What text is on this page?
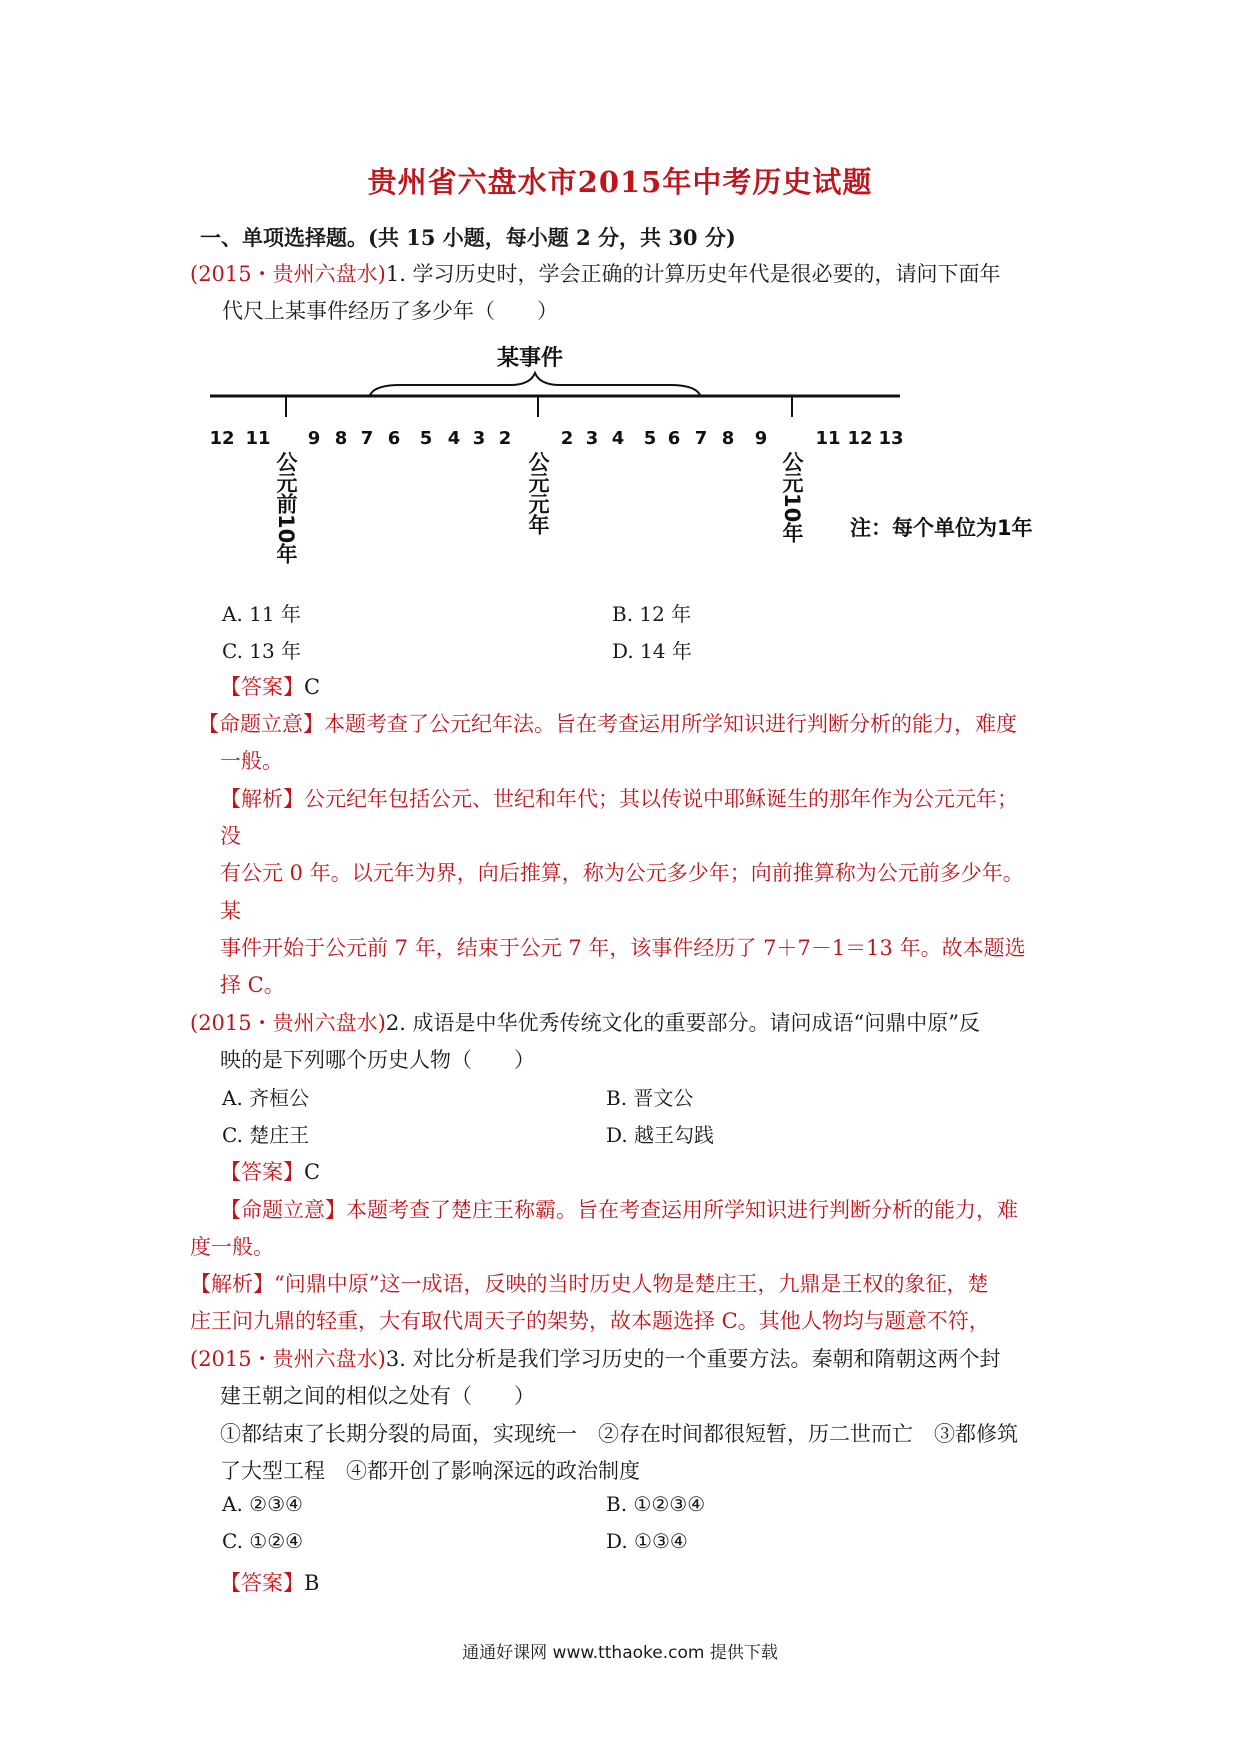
贵州省六盘水市2015年中考历史试题
一、单项选择题。(共 15 小题，每小题 2 分，共 30 分)
(2015・贵州六盘水)1. 学习历史时，学会正确的计算历史年代是很必要的，请问下面年
代尺上某事件经历了多少年（　　）
某事件
12 11 9 8 7 6 5 4 3 2	2 3 4 5 6 7 8 9	11 12 13
公元前10年	公元元年	公元10年 注：每个单位为1年
A. 11 年	B. 12 年
C. 13 年	D. 14 年
【答案】C
【命题立意】本题考查了公元纪年法。旨在考查运用所学知识进行判断分析的能力，难度
一般。
【解析】公元纪年包括公元、世纪和年代；其以传说中耶稣诞生的那年作为公元元年；
没
有公元 0 年。以元年为界，向后推算，称为公元多少年；向前推算称为公元前多少年。
某
事件开始于公元前 7 年，结束于公元 7 年，该事件经历了 7＋7－1＝13 年。故本题选
择 C。
(2015・贵州六盘水)2. 成语是中华优秀传统文化的重要部分。请问成语“问鼎中原”反
映的是下列哪个历史人物（　　）
A. 齐桓公	B. 晋文公
C. 楚庄王	D. 越王勾践
【答案】C
【命题立意】本题考查了楚庄王称霸。旨在考查运用所学知识进行判断分析的能力，难
度一般。
【解析】“问鼎中原”这一成语，反映的当时历史人物是楚庄王，九鼎是王权的象征，楚
庄王问九鼎的轻重，大有取代周天子的架势，故本题选择 C。其他人物均与题意不符，
(2015・贵州六盘水)3. 对比分析是我们学习历史的一个重要方法。秦朝和隋朝这两个封
建王朝之间的相似之处有（　　）
①都结束了长期分裂的局面，实现统一　②存在时间都很短暂，历二世而亡　③都修筑
了大型工程　④都开创了影响深远的政治制度
A. ②③④	B. ①②③④
C. ①②④	D. ①③④
【答案】B
通通好课网 www.tthaoke.com 提供下载
